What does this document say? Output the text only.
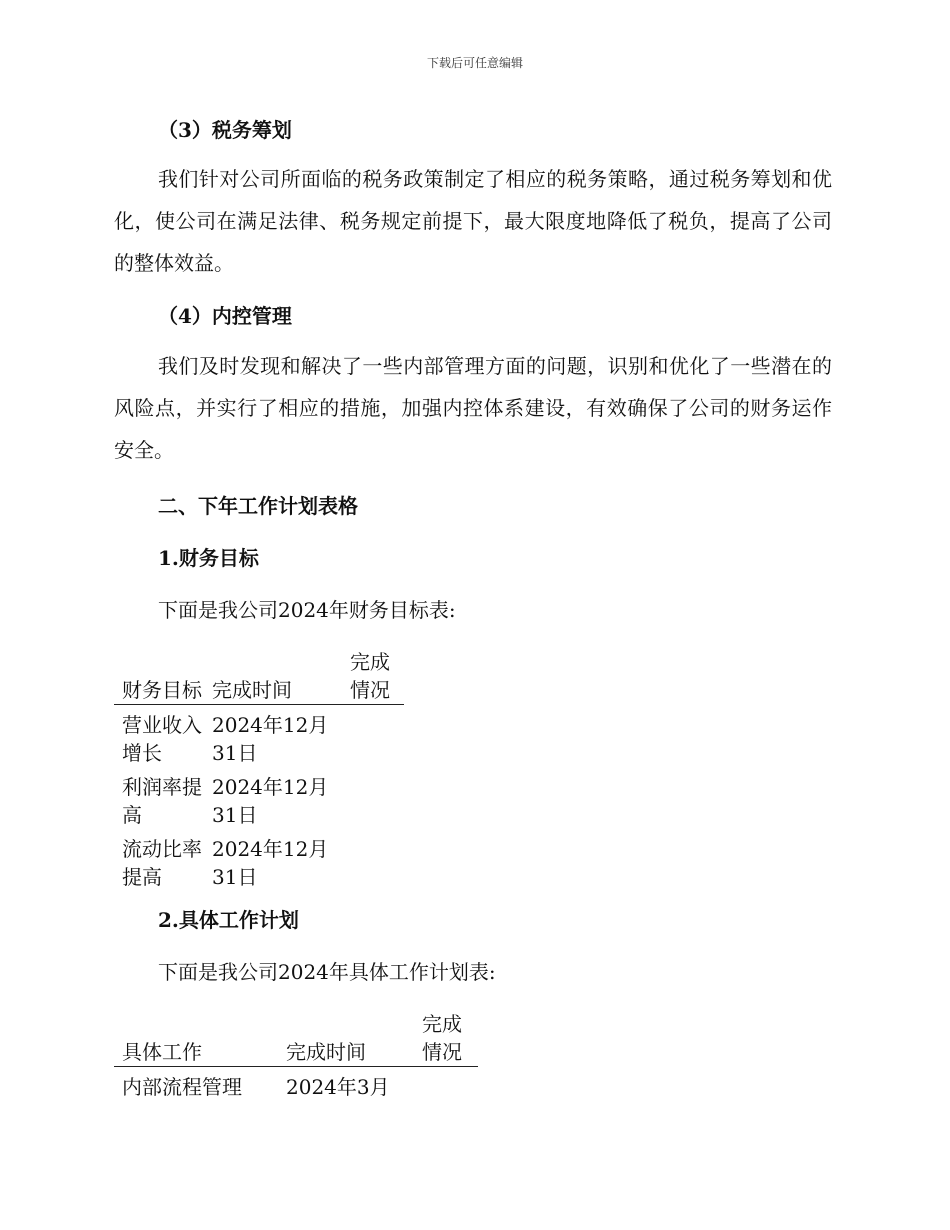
下载后可任意编辑
（3）税务筹划
我们针对公司所面临的税务政策制定了相应的税务策略，通过税务筹划和优化，使公司在满足法律、税务规定前提下，最大限度地降低了税负，提高了公司的整体效益。
（4）内控管理
我们及时发现和解决了一些内部管理方面的问题，识别和优化了一些潜在的风险点，并实行了相应的措施，加强内控体系建设，有效确保了公司的财务运作安全。
二、下年工作计划表格
1.财务目标
下面是我公司2024年财务目标表:
财务目标	完成时间	完成情况
营业收入增长	2024年12月31日	
利润率提高	2024年12月31日	
流动比率提高	2024年12月31日	
2.具体工作计划
下面是我公司2024年具体工作计划表:
具体工作	完成时间	完成情况
内部流程管理	2024年3月	
